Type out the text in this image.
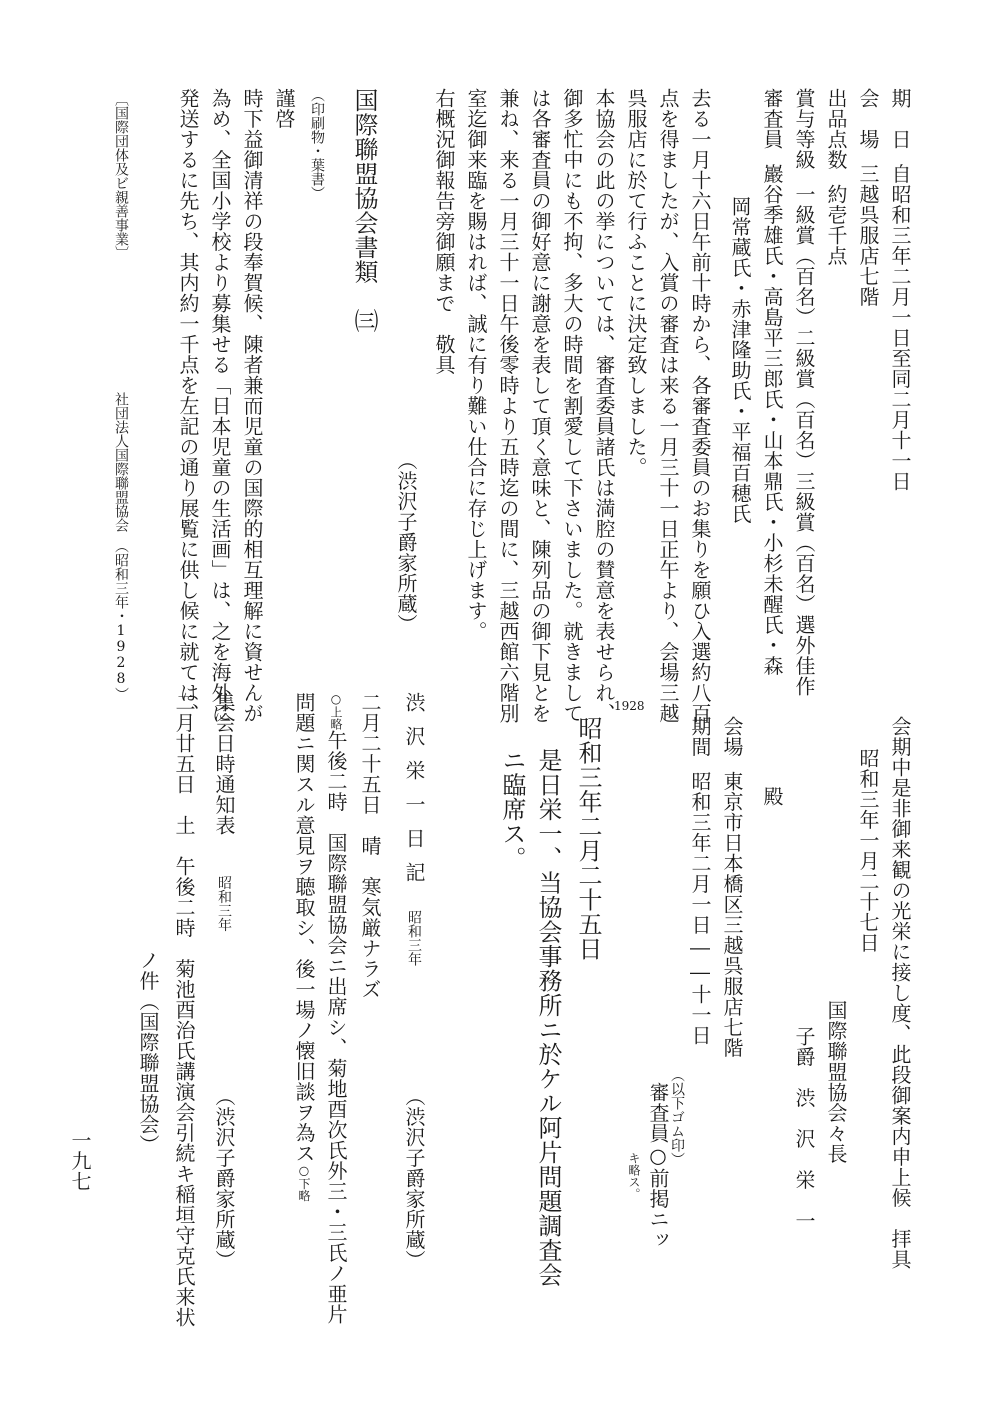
期　日自昭和三年二月一日至同二月十一日
会　場三越呉服店七階
出品点数約壱千点
賞与等級一級賞（百名）二級賞（百名）三級賞（百名）選外佳作
審査員巖谷季雄氏・高島平三郎氏・山本鼎氏・小杉未醒氏・森
岡常蔵氏・赤津隆助氏・平福百穂氏
去る一月十六日午前十時から、各審査委員のお集りを願ひ入選約八百
点を得ましたが、入賞の審査は来る一月三十一日正午より、会場三越
呉服店に於て行ふことに決定致しました。
本協会の此の挙については、審査委員諸氏は満腔の賛意を表せられ、
御多忙中にも不拘、多大の時間を割愛して下さいました。就きまして
は各審査員の御好意に謝意を表して頂く意味と、陳列品の御下見とを
兼ね、来る一月三十一日午後零時より五時迄の間に、三越西館六階別
室迄御来臨を賜はれば、誠に有り難い仕合に存じ上げます。
右概況御報告旁御願まで　敬具
（渋沢子爵家所蔵）
国際聯盟協会書類　㈢
（印刷物・葉書）
謹啓
時下益御清祥の段奉賀候、陳者兼而児童の国際的相互理解に資せんが
為め、全国小学校より募集せる「日本児童の生活画」は、之を海外に
発送するに先ち、其内約一千点を左記の通り展覧に供し候に就ては、
〔国際団体及ビ親善事業〕
社団法人国際聯盟協会　（昭和三年・1928）
会期中是非御来観の光栄に接し度、此段御案内申上候　拝具
昭和三年一月二十七日
国際聯盟協会々長
子爵　渋　沢　栄　一
殿
会場東京市日本橋区三越呉服店七階
期間昭和三年二月一日――十一日
（以下ゴム印）
審査員○前掲ニッ
キ略ス。
1928
昭和三年二月二十五日
是日栄一、当協会事務所ニ於ケル阿片問題調査会
ニ臨席ス。
渋沢栄一日記昭和三年
（渋沢子爵家所蔵）
二月二十五日　晴　寒気厳ナラズ
○上略午後二時　国際聯盟協会ニ出席シ、菊地酉次氏外三・三氏ノ亜片
問題ニ関スル意見ヲ聴取シ、後一場ノ懐旧談ヲ為ス○下略
集会日時通知表昭和三年
（渋沢子爵家所蔵）
二月廿五日　土　午後二時　菊池酉治氏講演会引続キ稲垣守克氏来状
ノ件（国際聯盟協会）
一九七
